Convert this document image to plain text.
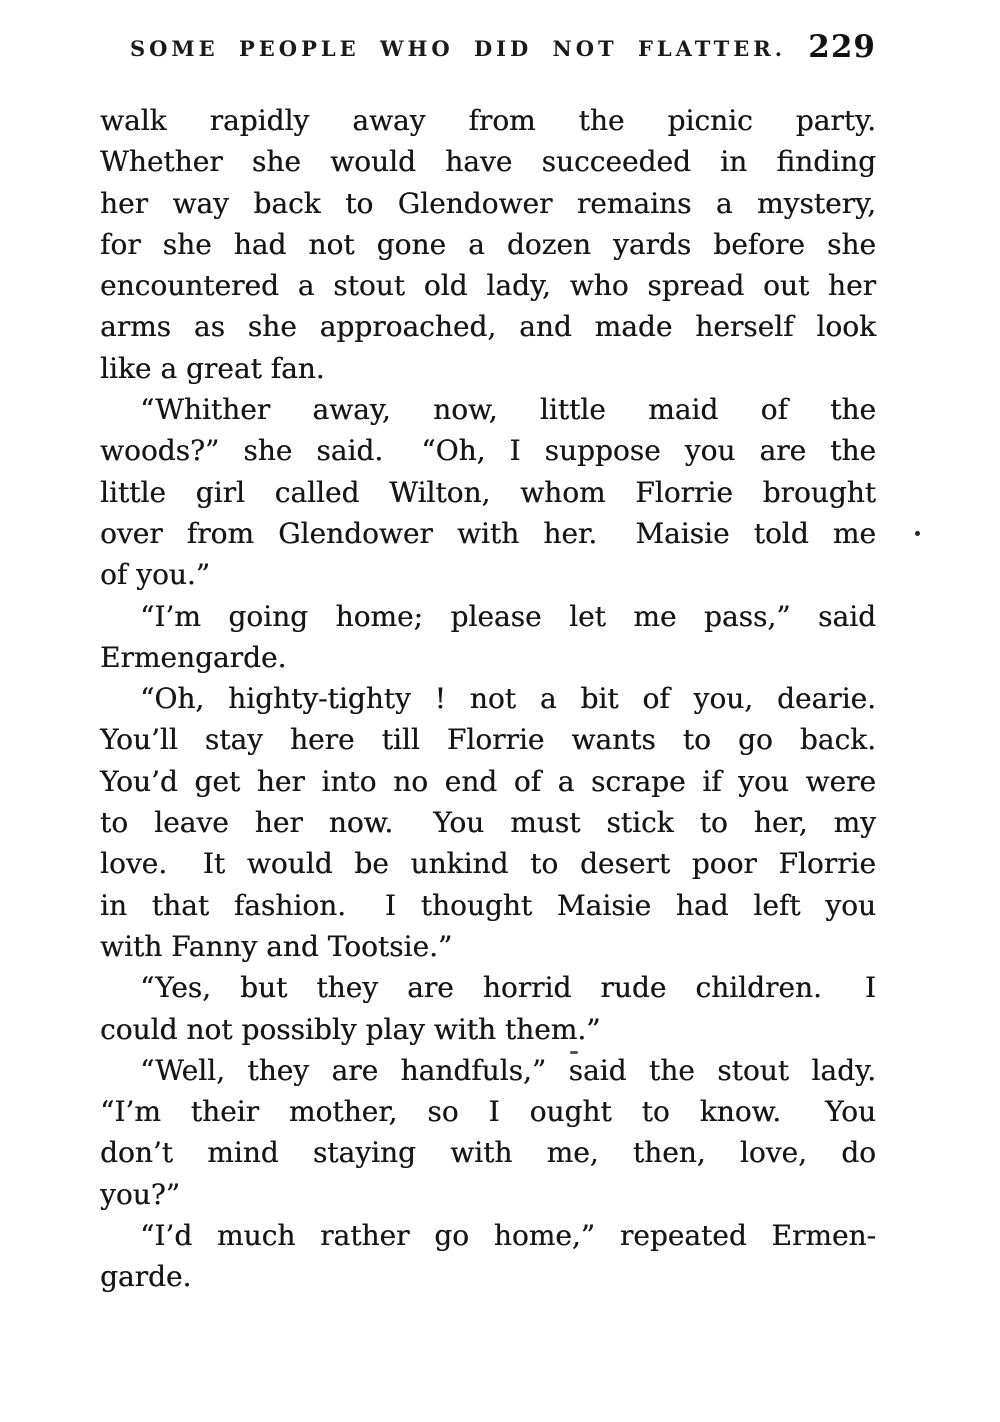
SOME PEOPLE WHO DID NOT FLATTER. 229
walk rapidly away from the picnic party.
Whether she would have succeeded in finding
her way back to Glendower remains a mystery,
for she had not gone a dozen yards before she
encountered a stout old lady, who spread out her
arms as she approached, and made herself look
like a great fan.
“Whither away, now, little maid of the
woods?” she said.  “Oh, I suppose you are the
little girl called Wilton, whom Florrie brought
over from Glendower with her.  Maisie told me
of you.”
“I’m going home; please let me pass,” said
Ermengarde.
“Oh, highty-tighty ! not a bit of you, dearie.
You’ll stay here till Florrie wants to go back.
You’d get her into no end of a scrape if you were
to leave her now.  You must stick to her, my
love.  It would be unkind to desert poor Florrie
in that fashion.  I thought Maisie had left you
with Fanny and Tootsie.”
“Yes, but they are horrid rude children.  I
could not possibly play with them.”
“Well, they are handfuls,” said the stout lady.
“I’m their mother, so I ought to know.  You
don’t mind staying with me, then, love, do
you?”
“I’d much rather go home,” repeated Ermen-
garde.
